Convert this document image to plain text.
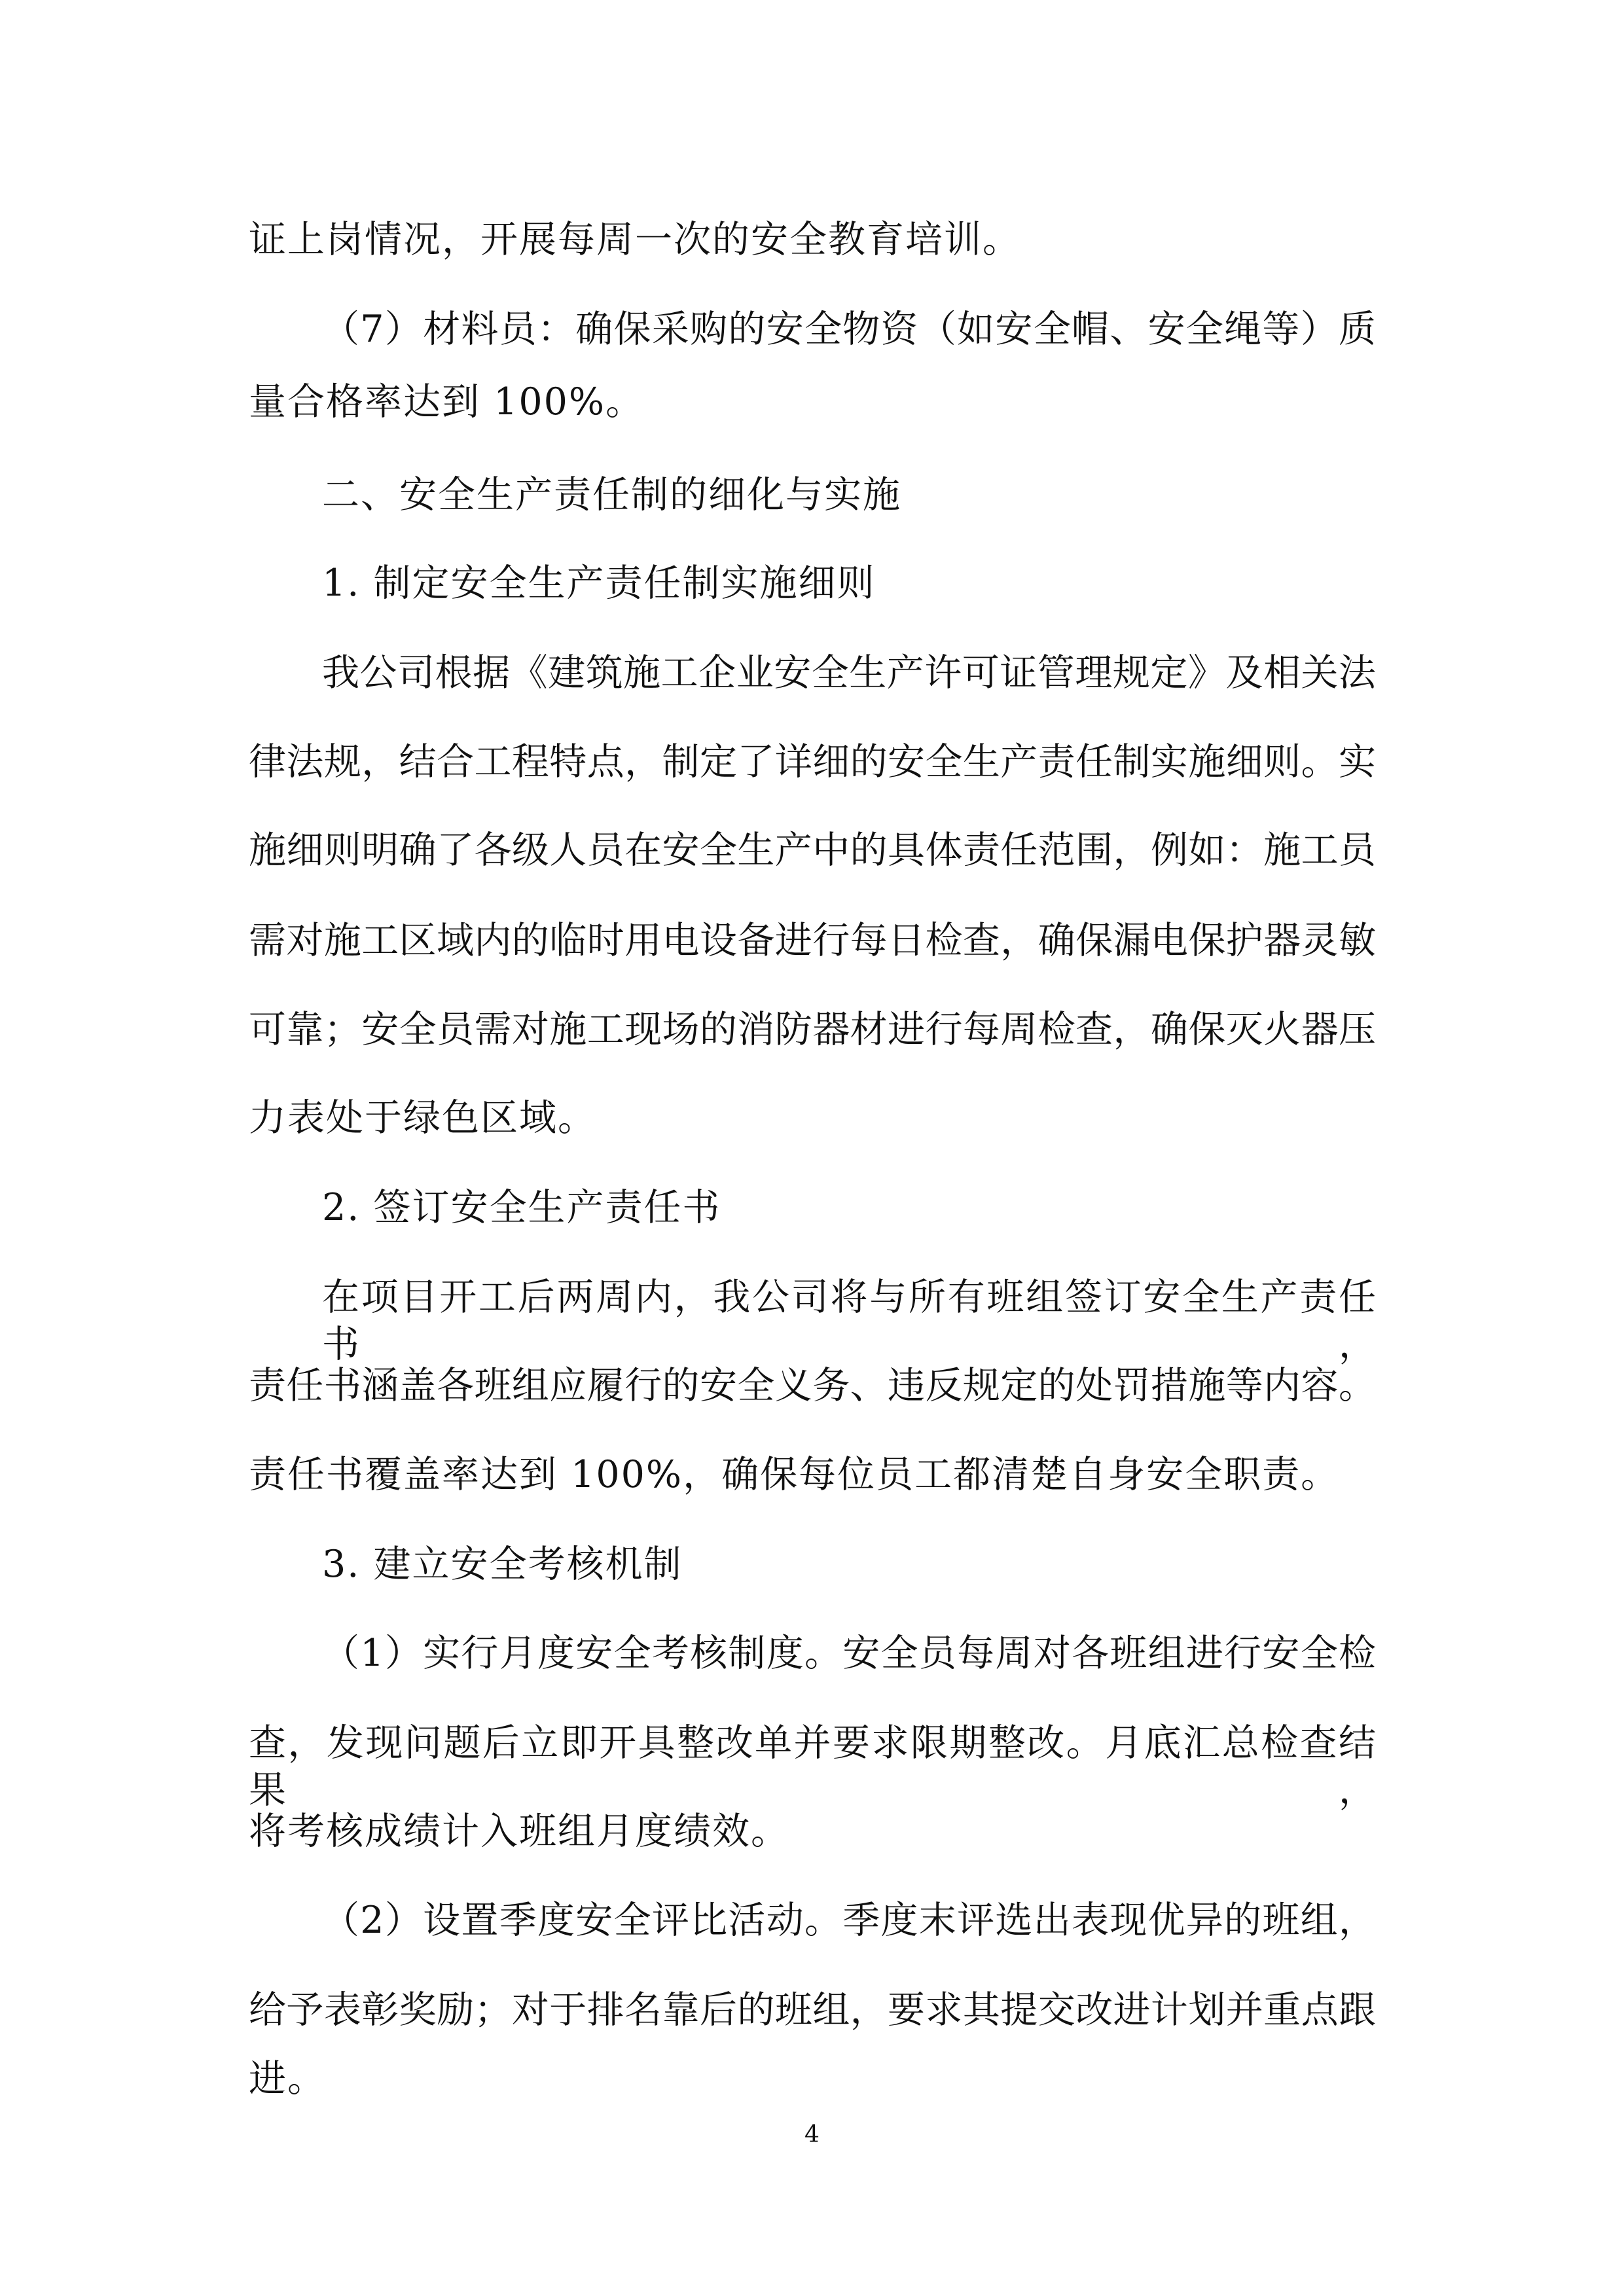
证上岗情况，开展每周一次的安全教育培训。
（7）材料员：确保采购的安全物资（如安全帽、安全绳等）质
量合格率达到 100%。
二、安全生产责任制的细化与实施
1. 制定安全生产责任制实施细则
我公司根据《建筑施工企业安全生产许可证管理规定》及相关法
律法规，结合工程特点，制定了详细的安全生产责任制实施细则。实
施细则明确了各级人员在安全生产中的具体责任范围，例如：施工员
需对施工区域内的临时用电设备进行每日检查，确保漏电保护器灵敏
可靠；安全员需对施工现场的消防器材进行每周检查，确保灭火器压
力表处于绿色区域。
2. 签订安全生产责任书
在项目开工后两周内，我公司将与所有班组签订安全生产责任书，
责任书涵盖各班组应履行的安全义务、违反规定的处罚措施等内容。
责任书覆盖率达到 100%，确保每位员工都清楚自身安全职责。
3. 建立安全考核机制
（1）实行月度安全考核制度。安全员每周对各班组进行安全检
查，发现问题后立即开具整改单并要求限期整改。月底汇总检查结果，
将考核成绩计入班组月度绩效。
（2）设置季度安全评比活动。季度末评选出表现优异的班组，
给予表彰奖励；对于排名靠后的班组，要求其提交改进计划并重点跟
进。
4
